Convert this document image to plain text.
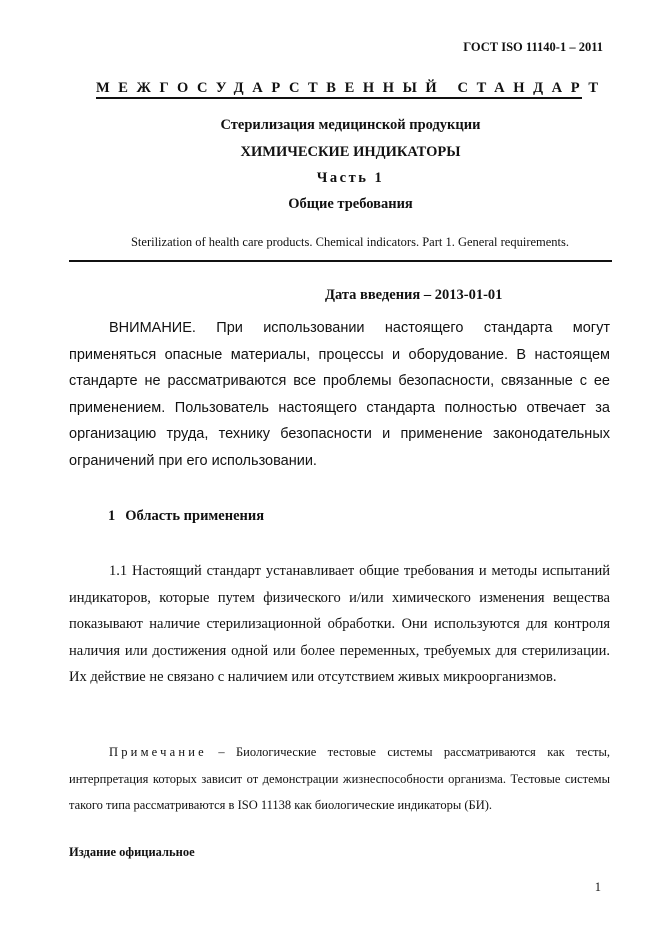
ГОСТ ISO 11140-1 – 2011
МЕЖГОСУДАРСТВЕННЫЙ СТАНДАРТ
Стерилизация медицинской продукции
ХИМИЧЕСКИЕ ИНДИКАТОРЫ
Часть 1
Общие требования
Sterilization of health care products. Chemical indicators. Part 1. General requirements.
Дата введения – 2013-01-01
ВНИМАНИЕ. При использовании настоящего стандарта могут применяться опасные материалы, процессы и оборудование. В настоящем стандарте не рассматриваются все проблемы безопасности, связанные с ее применением. Пользователь настоящего стандарта полностью отвечает за организацию труда, технику безопасности и применение законодательных ограничений при его использовании.
1 Область применения
1.1 Настоящий стандарт устанавливает общие требования и методы испытаний индикаторов, которые путем физического и/или химического изменения вещества показывают наличие стерилизационной обработки. Они используются для контроля наличия или достижения одной или более переменных, требуемых для стерилизации. Их действие не связано с наличием или отсутствием живых микроорганизмов.
Примечание – Биологические тестовые системы рассматриваются как тесты, интерпретация которых зависит от демонстрации жизнеспособности организма. Тестовые системы такого типа рассматриваются в ISO 11138 как биологические индикаторы (БИ).
Издание официальное
1
